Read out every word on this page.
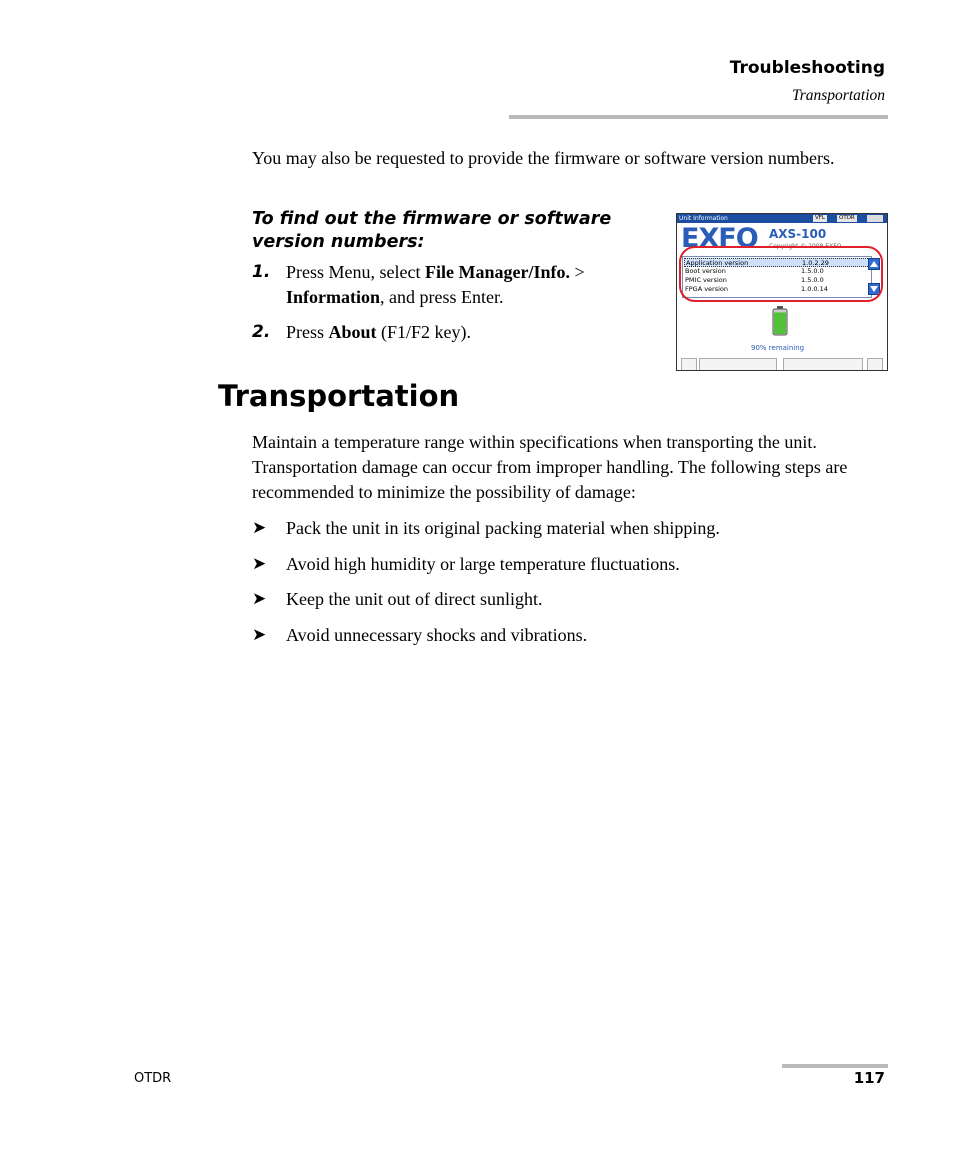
Troubleshooting
Transportation
You may also be requested to provide the firmware or software version numbers.
To find out the firmware or software version numbers:
1. Press Menu, select File Manager/Info. > Information, and press Enter.
2. Press About (F1/F2 key).
Unit Information	VFL	OTDR
EXFO AXS-100
Copyright © 2008 EXFO
Application version	1.0.2.29
Boot version	1.5.0.0
PMIC version	1.5.0.0
FPGA version	1.0.0.14
90% remaining
Transportation
Maintain a temperature range within specifications when transporting the unit. Transportation damage can occur from improper handling. The following steps are recommended to minimize the possibility of damage:
➤ Pack the unit in its original packing material when shipping.
➤ Avoid high humidity or large temperature fluctuations.
➤ Keep the unit out of direct sunlight.
➤ Avoid unnecessary shocks and vibrations.
OTDR	117
